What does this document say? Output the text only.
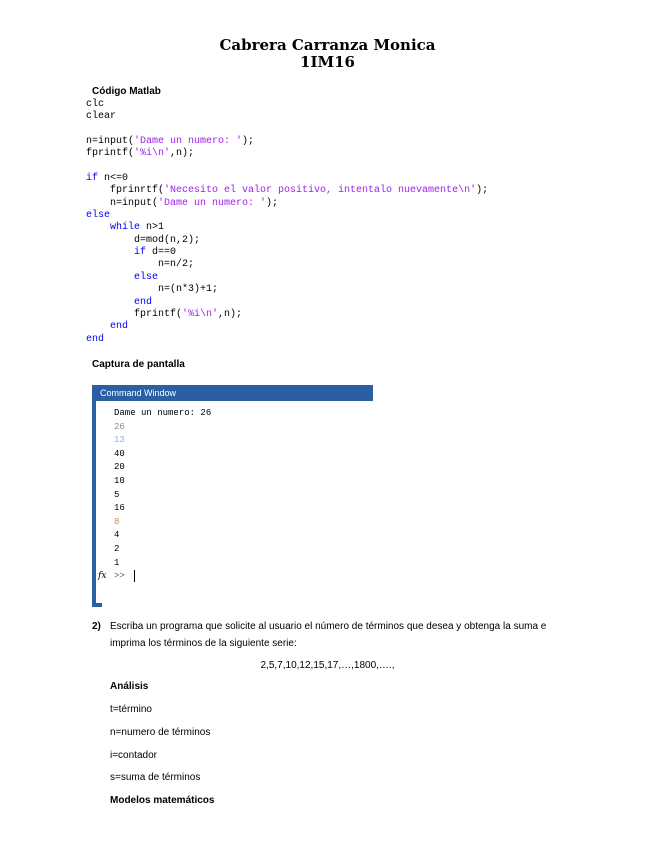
Cabrera Carranza Monica
1IM16
Código Matlab
clc
clear
n=input('Dame un numero: ');
fprintf('%i\n',n);
if n<=0
fprinrtf('Necesito el valor positivo, intentalo nuevamente\n');
n=input('Dame un numero: ');
else
while n>1
d=mod(n,2);
if d==0
n=n/2;
else
n=(n*3)+1;
end
fprintf('%i\n',n);
end
end
Captura de pantalla
Command Window
Dame un numero: 26
26
13
40
20
10
5
16
8
4
2
1
fx >>
2) Escriba un programa que solicite al usuario el número de términos que desea y obtenga la suma e imprima los términos de la siguiente serie:
2,5,7,10,12,15,17,…,1800,….,
Análisis
t=término
n=numero de términos
i=contador
s=suma de términos
Modelos matemáticos
